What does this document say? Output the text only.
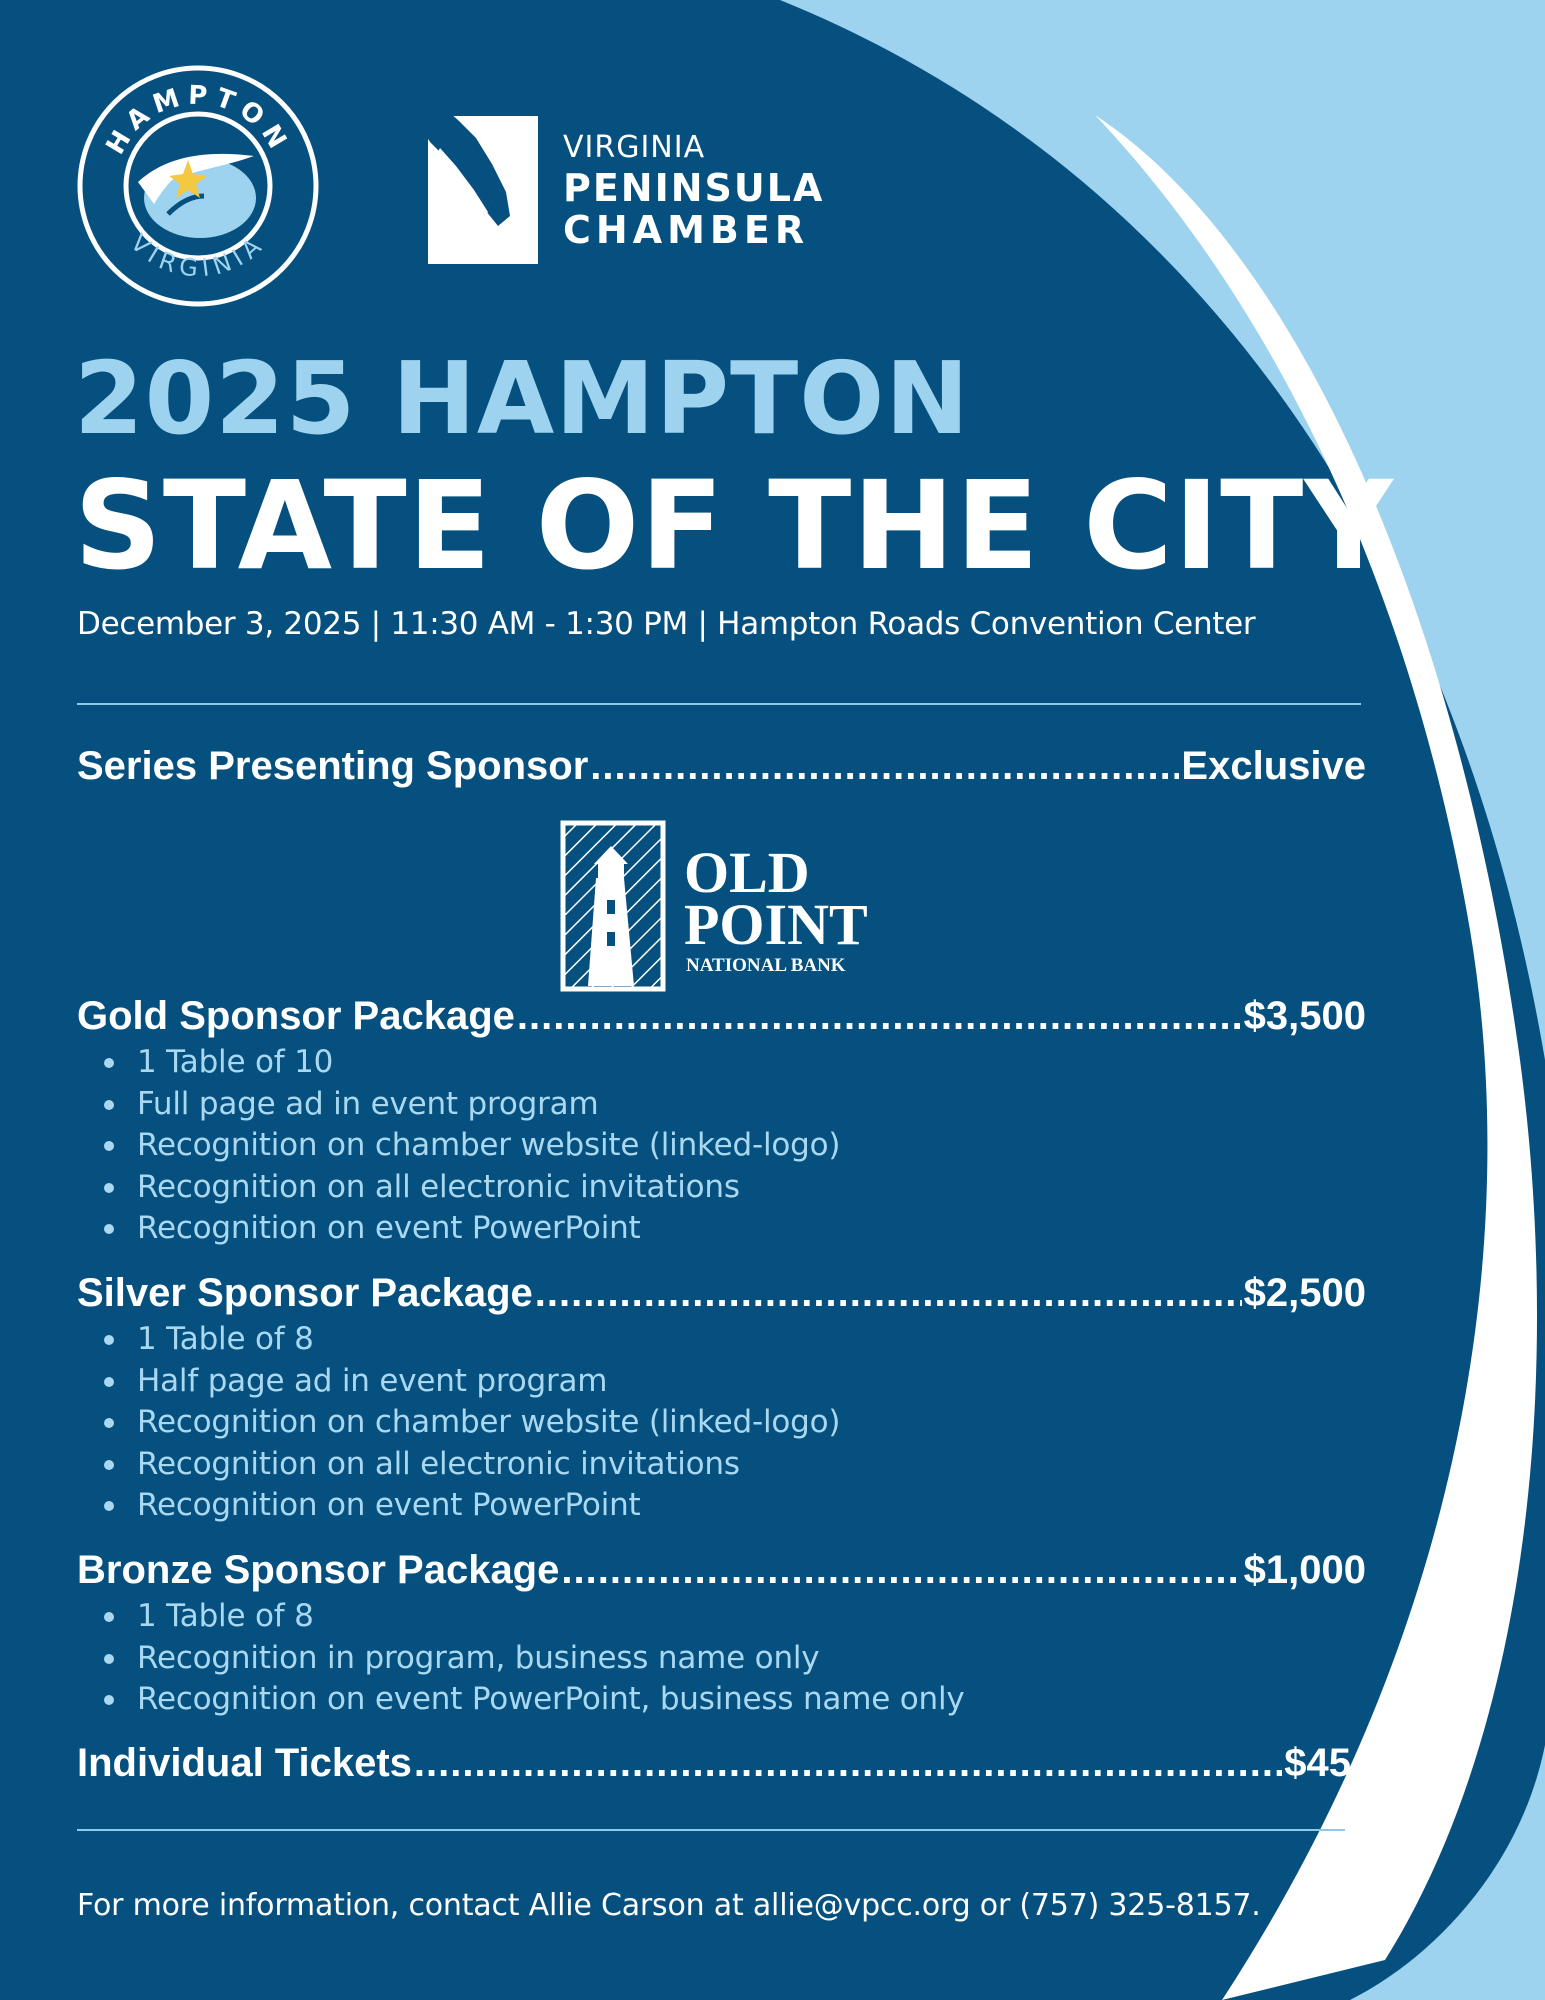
HAMPTON
VIRGINIA
VIRGINIA
PENINSULA
CHAMBER
2025 HAMPTON
STATE OF THE CITY
December 3, 2025 | 11:30 AM - 1:30 PM | Hampton Roads Convention Center
Series Presenting Sponsor .....	Exclusive
OLD
POINT
NATIONAL BANK
Gold Sponsor Package .....	$3,500
1 Table of 10
Full page ad in event program
Recognition on chamber website (linked-logo)
Recognition on all electronic invitations
Recognition on event PowerPoint
Silver Sponsor Package .....	$2,500
1 Table of 8
Half page ad in event program
Recognition on chamber website (linked-logo)
Recognition on all electronic invitations
Recognition on event PowerPoint
Bronze Sponsor Package .....	$1,000
1 Table of 8
Recognition in program, business name only
Recognition on event PowerPoint, business name only
Individual Tickets .....	$45
For more information, contact Allie Carson at allie@vpcc.org or (757) 325-8157.
